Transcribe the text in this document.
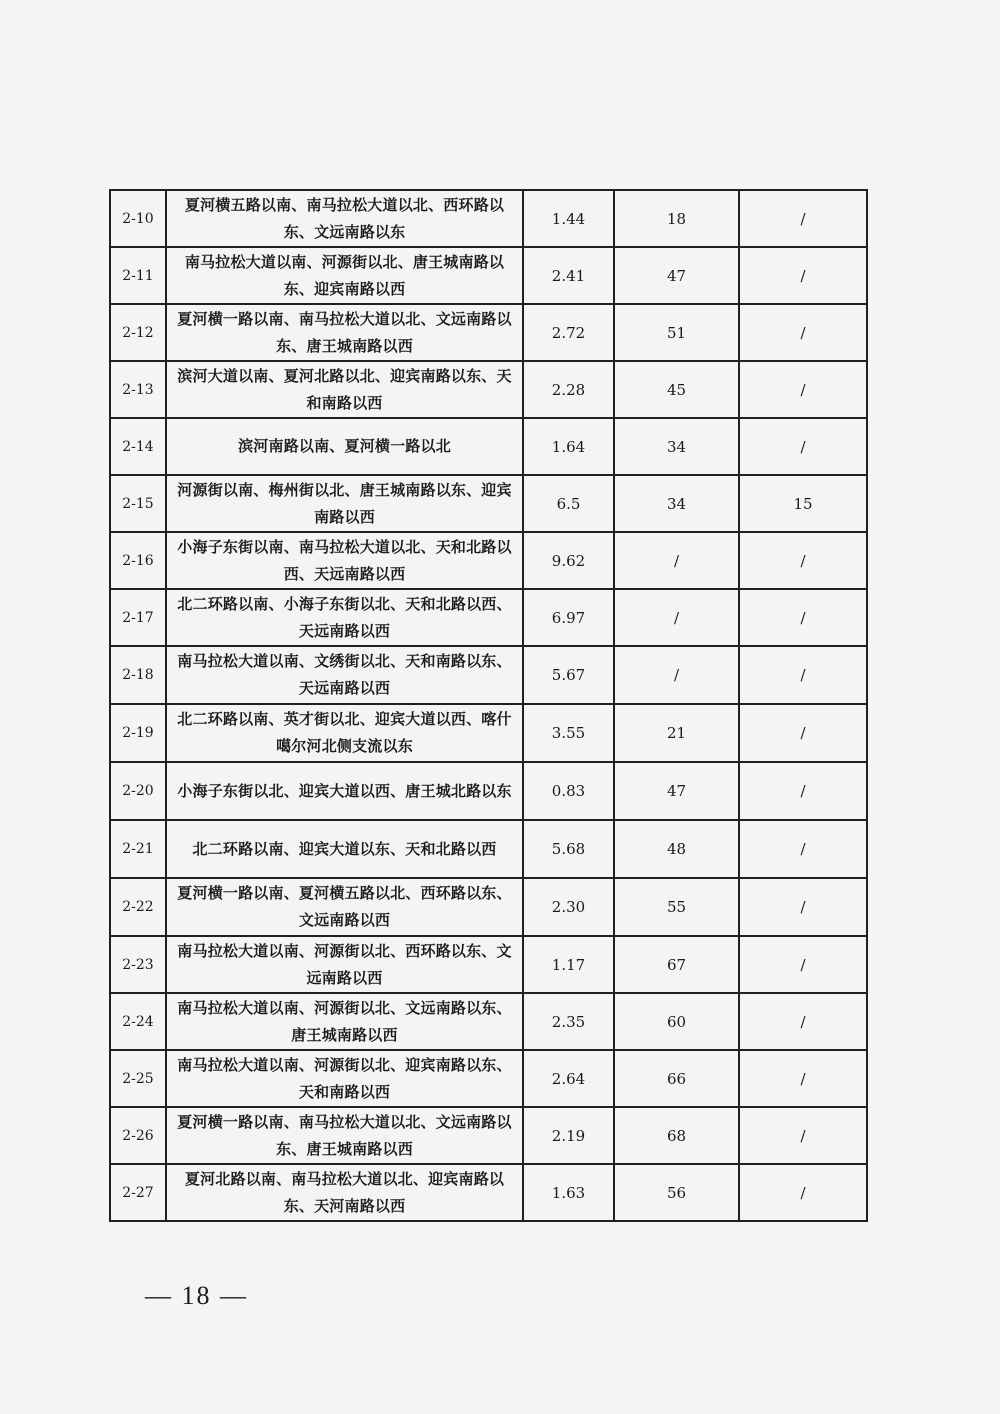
2-10	夏河横五路以南、南马拉松大道以北、西环路以东、文远南路以东	1.44	18	/
2-11	南马拉松大道以南、河源街以北、唐王城南路以东、迎宾南路以西	2.41	47	/
2-12	夏河横一路以南、南马拉松大道以北、文远南路以东、唐王城南路以西	2.72	51	/
2-13	滨河大道以南、夏河北路以北、迎宾南路以东、天和南路以西	2.28	45	/
2-14	滨河南路以南、夏河横一路以北	1.64	34	/
2-15	河源街以南、梅州街以北、唐王城南路以东、迎宾南路以西	6.5	34	15
2-16	小海子东街以南、南马拉松大道以北、天和北路以西、天远南路以西	9.62	/	/
2-17	北二环路以南、小海子东街以北、天和北路以西、天远南路以西	6.97	/	/
2-18	南马拉松大道以南、文绣街以北、天和南路以东、天远南路以西	5.67	/	/
2-19	北二环路以南、英才街以北、迎宾大道以西、喀什噶尔河北侧支流以东	3.55	21	/
2-20	小海子东街以北、迎宾大道以西、唐王城北路以东	0.83	47	/
2-21	北二环路以南、迎宾大道以东、天和北路以西	5.68	48	/
2-22	夏河横一路以南、夏河横五路以北、西环路以东、文远南路以西	2.30	55	/
2-23	南马拉松大道以南、河源街以北、西环路以东、文远南路以西	1.17	67	/
2-24	南马拉松大道以南、河源街以北、文远南路以东、唐王城南路以西	2.35	60	/
2-25	南马拉松大道以南、河源街以北、迎宾南路以东、天和南路以西	2.64	66	/
2-26	夏河横一路以南、南马拉松大道以北、文远南路以东、唐王城南路以西	2.19	68	/
2-27	夏河北路以南、南马拉松大道以北、迎宾南路以东、天河南路以西	1.63	56	/
— 18 —
